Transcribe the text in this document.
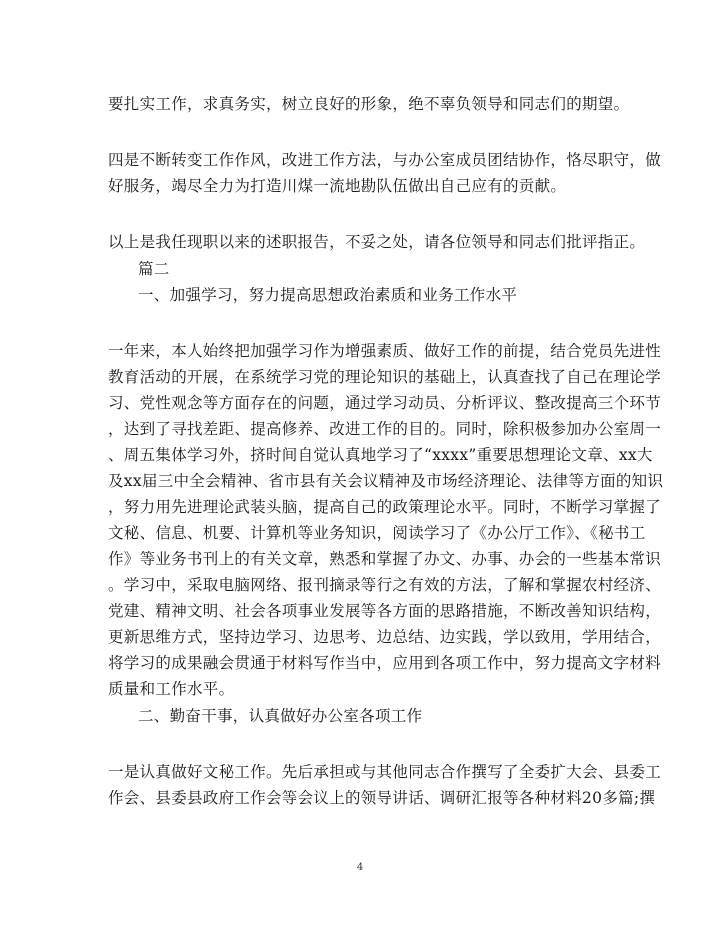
要扎实工作，求真务实，树立良好的形象，绝不辜负领导和同志们的期望。
四是不断转变工作作风，改进工作方法，与办公室成员团结协作，恪尽职守，做
好服务，竭尽全力为打造川煤一流地勘队伍做出自己应有的贡献。
以上是我任现职以来的述职报告，不妥之处，请各位领导和同志们批评指正。
篇二
一、加强学习，努力提高思想政治素质和业务工作水平
一年来，本人始终把加强学习作为增强素质、做好工作的前提，结合党员先进性
教育活动的开展，在系统学习党的理论知识的基础上，认真查找了自己在理论学
习、党性观念等方面存在的问题，通过学习动员、分析评议、整改提高三个环节
，达到了寻找差距、提高修养、改进工作的目的。同时，除积极参加办公室周一
、周五集体学习外，挤时间自觉认真地学习了“xxxx”重要思想理论文章、xx大
及xx届三中全会精神、省市县有关会议精神及市场经济理论、法律等方面的知识
，努力用先进理论武装头脑，提高自己的政策理论水平。同时，不断学习掌握了
文秘、信息、机要、计算机等业务知识，阅读学习了《办公厅工作》、《秘书工
作》等业务书刊上的有关文章，熟悉和掌握了办文、办事、办会的一些基本常识
。学习中，采取电脑网络、报刊摘录等行之有效的方法，了解和掌握农村经济、
党建、精神文明、社会各项事业发展等各方面的思路措施，不断改善知识结构，
更新思维方式，坚持边学习、边思考、边总结、边实践，学以致用，学用结合，
将学习的成果融会贯通于材料写作当中，应用到各项工作中，努力提高文字材料
质量和工作水平。
二、勤奋干事，认真做好办公室各项工作
一是认真做好文秘工作。先后承担或与其他同志合作撰写了全委扩大会、县委工
作会、县委县政府工作会等会议上的领导讲话、调研汇报等各种材料20多篇;撰
4
